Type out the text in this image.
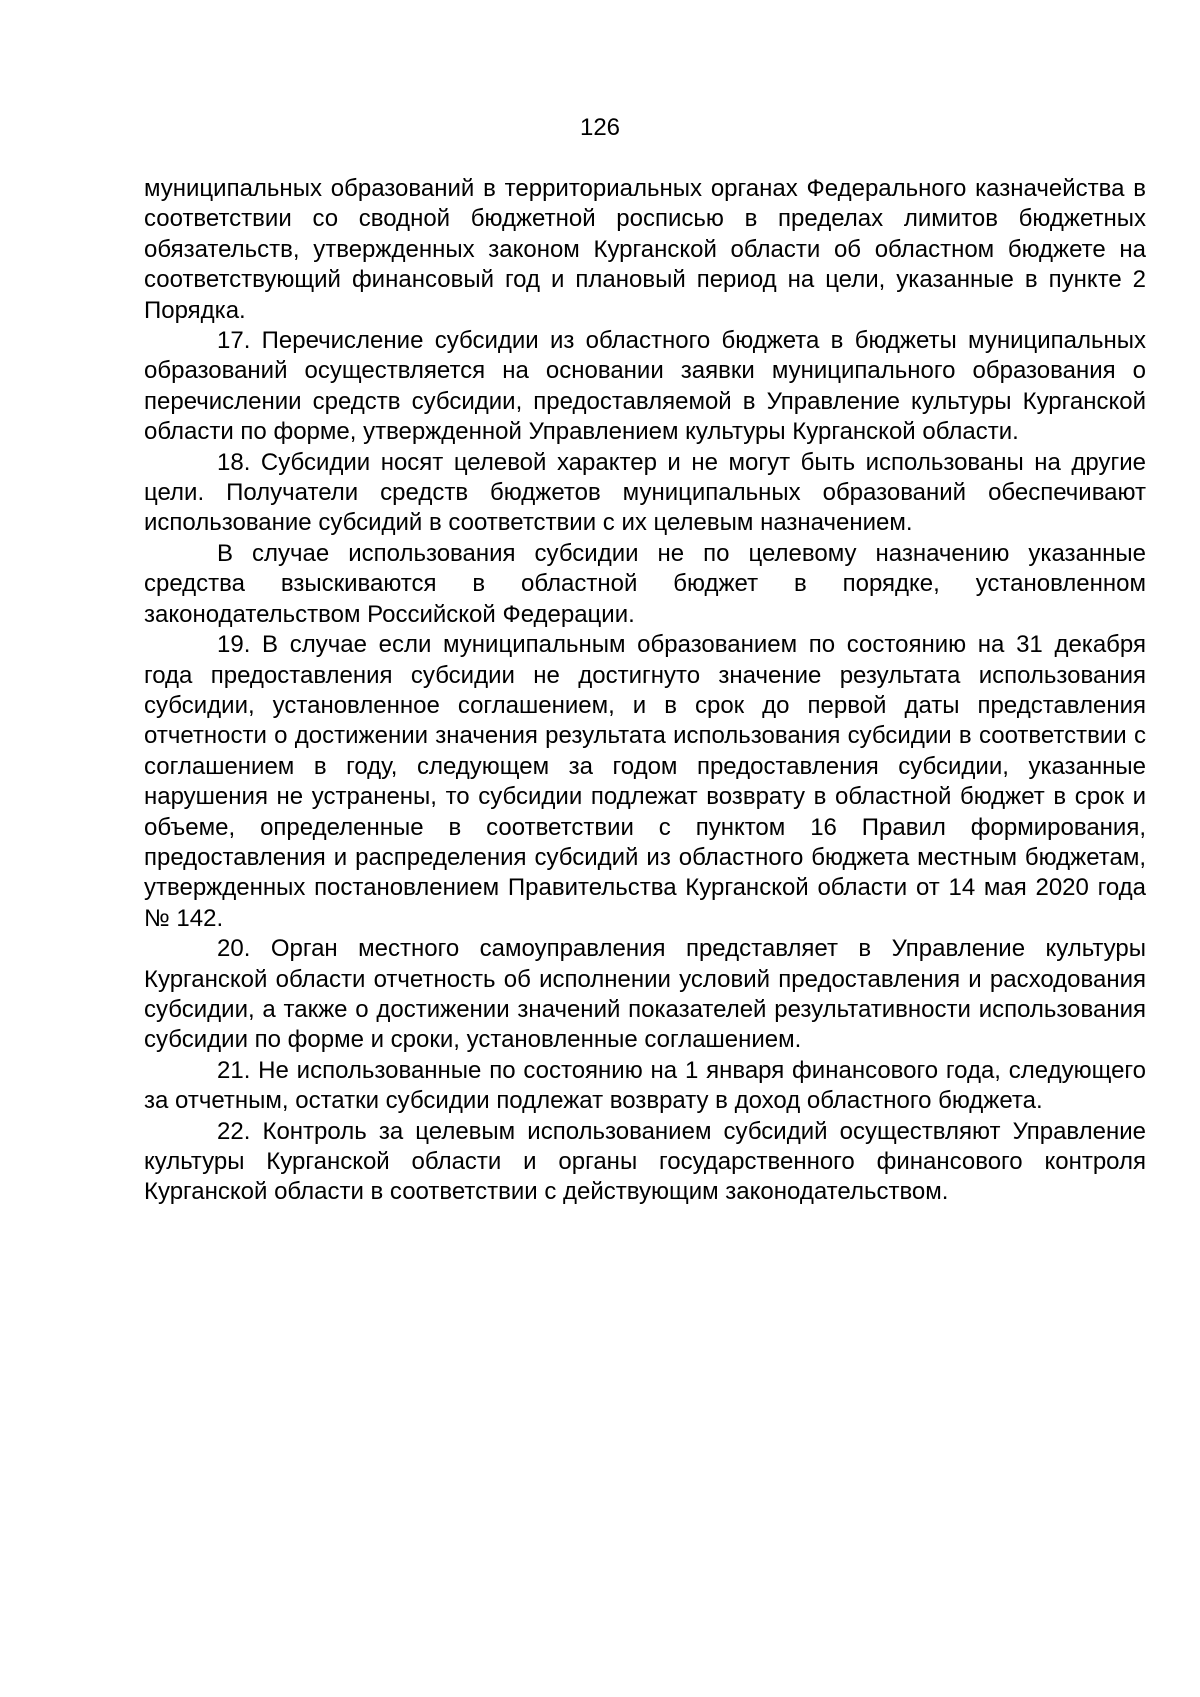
126

муниципальных образований в территориальных органах Федерального казначейства в соответствии со сводной бюджетной росписью в пределах лимитов бюджетных обязательств, утвержденных законом Курганской области об областном бюджете на соответствующий финансовый год и плановый период на цели, указанные в пункте 2 Порядка.

17. Перечисление субсидии из областного бюджета в бюджеты муниципальных образований осуществляется на основании заявки муниципального образования о перечислении средств субсидии, предоставляемой в Управление культуры Курганской области по форме, утвержденной Управлением культуры Курганской области.

18. Субсидии носят целевой характер и не могут быть использованы на другие цели. Получатели средств бюджетов муниципальных образований обеспечивают использование субсидий в соответствии с их целевым назначением.

В случае использования субсидии не по целевому назначению указанные средства взыскиваются в областной бюджет в порядке, установленном законодательством Российской Федерации.

19. В случае если муниципальным образованием по состоянию на 31 декабря года предоставления субсидии не достигнуто значение результата использования субсидии, установленное соглашением, и в срок до первой даты представления отчетности о достижении значения результата использования субсидии в соответствии с соглашением в году, следующем за годом предоставления субсидии, указанные нарушения не устранены, то субсидии подлежат возврату в областной бюджет в срок и объеме, определенные в соответствии с пунктом 16 Правил формирования, предоставления и распределения субсидий из областного бюджета местным бюджетам, утвержденных постановлением Правительства Курганской области от 14 мая 2020 года № 142.

20. Орган местного самоуправления представляет в Управление культуры Курганской области отчетность об исполнении условий предоставления и расходования субсидии, а также о достижении значений показателей результативности использования субсидии по форме и сроки, установленные соглашением.

21. Не использованные по состоянию на 1 января финансового года, следующего за отчетным, остатки субсидии подлежат возврату в доход областного бюджета.

22. Контроль за целевым использованием субсидий осуществляют Управление культуры Курганской области и органы государственного финансового контроля Курганской области в соответствии с действующим законодательством.
